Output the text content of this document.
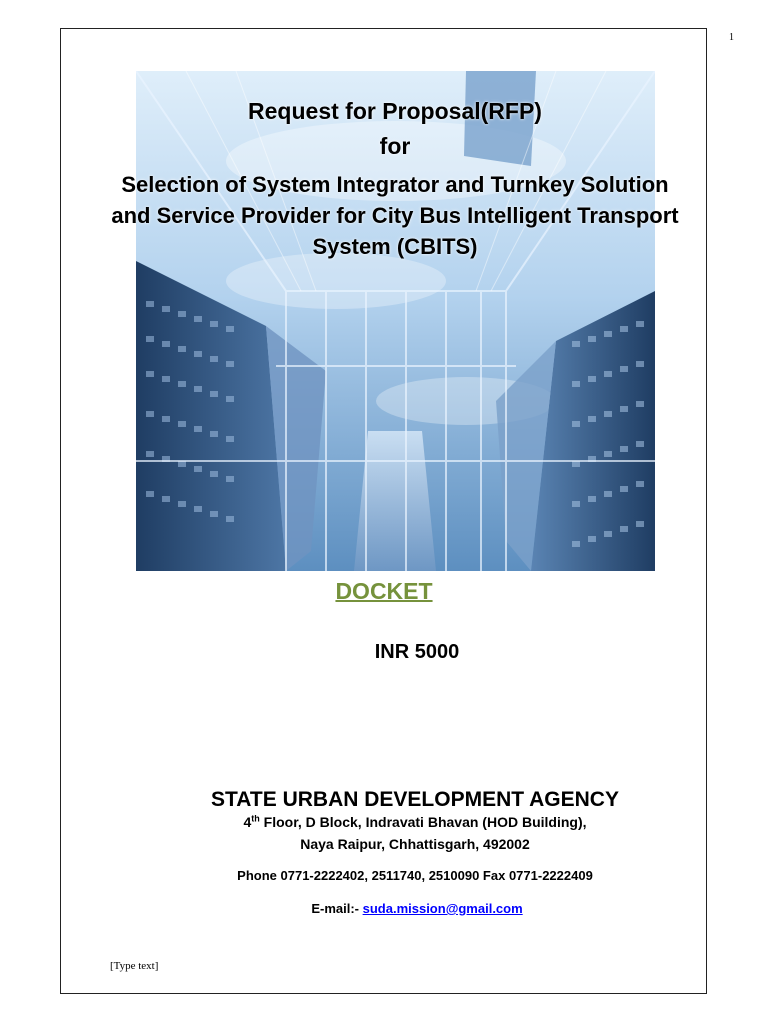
1
Request for Proposal(RFP)
for
Selection of System Integrator and Turnkey Solution and Service Provider for City Bus Intelligent Transport System (CBITS)
DOCKET
INR 5000
STATE URBAN DEVELOPMENT AGENCY
4th Floor, D Block, Indravati Bhavan (HOD Building),
Naya Raipur, Chhattisgarh, 492002
Phone 0771-2222402, 2511740, 2510090 Fax 0771-2222409
E-mail:- suda.mission@gmail.com
[Type text]
